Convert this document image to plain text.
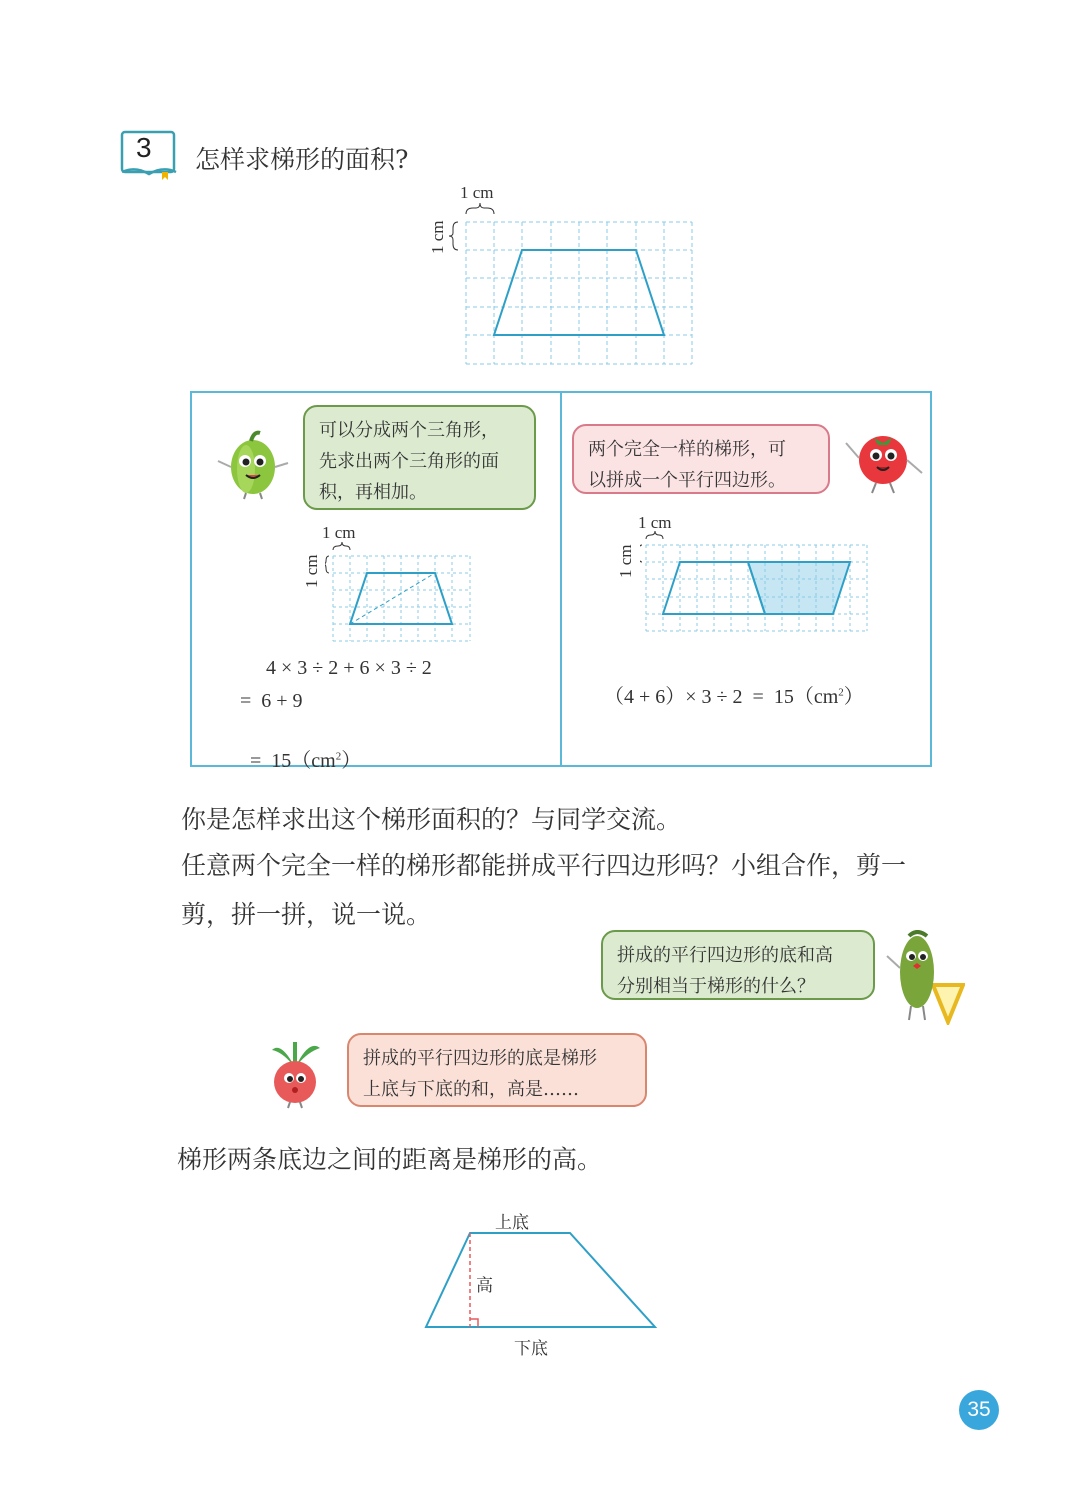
3 怎样求梯形的面积?
1 cm
1 cm
可以分成两个三角形，
先求出两个三角形的面
积，再相加。
1 cm
1 cm
4 × 3 ÷ 2 + 6 × 3 ÷ 2
=  6 + 9

=  $15(cm^2)$

两个完全一样的梯形，可
以拼成一个平行四边形。
1 cm
1 cm

$(4 + 6)\times 3 \div 2 = 15(cm^2)$

你是怎样求出这个梯形面积的？与同学交流。
任意两个完全一样的梯形都能拼成平行四边形吗？小组合作，剪一
剪，拼一拼，说一说。
拼成的平行四边形的底和高
分别相当于梯形的什么？
拼成的平行四边形的底是梯形
上底与下底的和，高是……
梯形两条底边之间的距离是梯形的高。
上底
高
下底
35
